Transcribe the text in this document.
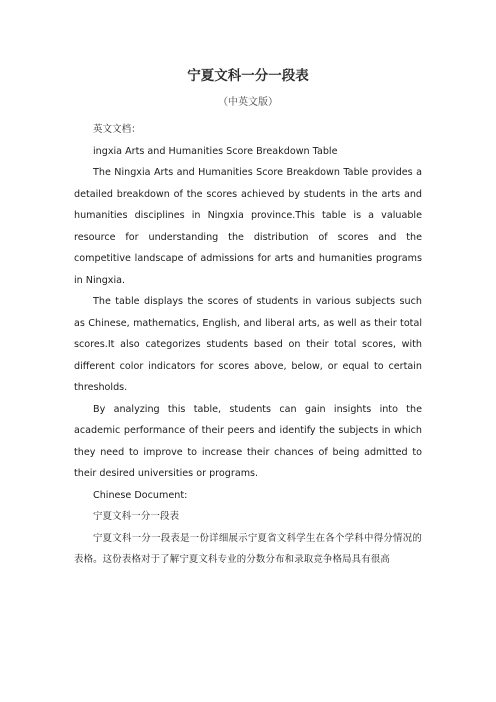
宁夏文科一分一段表
（中英文版）

英文文档：

ingxia Arts and Humanities Score Breakdown Table

The Ningxia Arts and Humanities Score Breakdown Table provides a detailed breakdown of the scores achieved by students in the arts and humanities disciplines in Ningxia province.This table is a valuable resource for understanding the distribution of scores and the competitive landscape of admissions for arts and humanities programs in Ningxia.

The table displays the scores of students in various subjects such as Chinese, mathematics, English, and liberal arts, as well as their total scores.It also categorizes students based on their total scores, with different color indicators for scores above, below, or equal to certain thresholds.

By analyzing this table, students can gain insights into the academic performance of their peers and identify the subjects in which they need to improve to increase their chances of being admitted to their desired universities or programs.

Chinese Document:

宁夏文科一分一段表

宁夏文科一分一段表是一份详细展示宁夏省文科学生在各个学科中得分情况的表格。这份表格对于了解宁夏文科专业的分数分布和录取竞争格局具有很高
